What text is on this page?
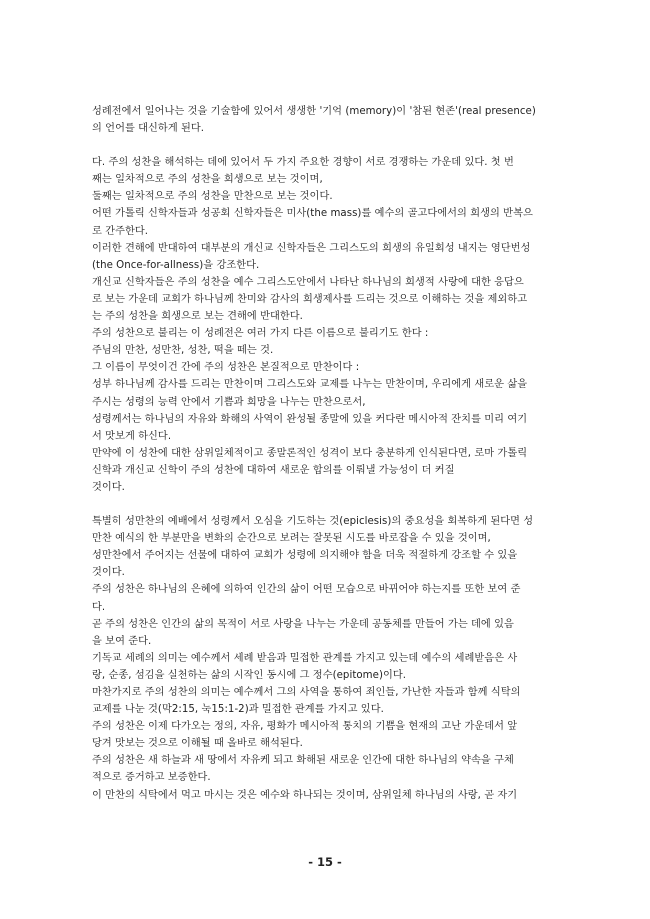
성례전에서 일어나는 것을 기술함에 있어서 생생한 '기억 (memory)이 '참된 현존'(real presence)

의 언어를 대신하게 된다.

다. 주의 성찬을 해석하는 데에 있어서 두 가지 주요한 경향이 서로 경쟁하는 가운데 있다. 첫 번

째는 일차적으로 주의 성찬을 희생으로 보는 것이며,

둘째는 일차적으로 주의 성찬을 만찬으로 보는 것이다.

어떤 가톨릭 신학자들과 성공회 신학자들은 미사(the mass)를 예수의 골고다에서의 희생의 반복으

로 간주한다.

이러한 견해에 반대하여 대부분의 개신교 신학자들은 그리스도의 희생의 유일회성 내지는 영단번성

(the Once-for-allness)을 강조한다.

개신교 신학자들은 주의 성찬을 예수 그리스도안에서 나타난 하나님의 희생적 사랑에 대한 응답으

로 보는 가운데 교회가 하나님께 찬미와 감사의 희생제사를 드리는 것으로 이해하는 것을 제외하고

는 주의 성찬을 희생으로 보는 견해에 반대한다.

주의 성찬으로 불리는 이 성례전은 여러 가지 다른 이름으로 불리기도 한다 :

주님의 만찬, 성만찬, 성찬, 떡을 떼는 것.

그 이름이 무엇이건 간에 주의 성찬은 본질적으로 만찬이다 :

성부 하나님께 감사를 드리는 만찬이며 그리스도와 교제를 나누는 만찬이며, 우리에게 새로운 삶을

주시는 성령의 능력 안에서 기쁨과 희망을 나누는 만찬으로서,

성령께서는 하나님의 자유와 화해의 사역이 완성될 종말에 있을 커다란 메시아적 잔치를 미리 여기

서 맛보게 하신다.

만약에 이 성찬에 대한 삼위일체적이고 종말론적인 성격이 보다 충분하게 인식된다면, 로마 가톨릭

신학과 개신교 신학이 주의 성찬에 대하여 새로운 합의를 이뤄낼 가능성이 더 커질

것이다.

특별히 성만찬의 예배에서 성령께서 오심을 기도하는 것(epiclesis)의 중요성을 회복하게 된다면 성

만찬 예식의 한 부분만을 변화의 순간으로 보려는 잘못된 시도를 바로잡을 수 있을 것이며,

성만찬에서 주어지는 선물에 대하여 교회가 성령에 의지해야 함을 더욱 적절하게 강조할 수 있을

것이다.

주의 성찬은 하나님의 은혜에 의하여 인간의 삶이 어떤 모습으로 바뀌어야 하는지를 또한 보여 준

다.

곧 주의 성찬은 인간의 삶의 목적이 서로 사랑을 나누는 가운데 공동체를 만들어 가는 데에 있음

을 보여 준다.

기독교 세례의 의미는 예수께서 세례 받음과 밀접한 관계를 가지고 있는데 예수의 세례받음은 사

랑, 순종, 섬김을 실천하는 삶의 시작인 동시에 그 정수(epitome)이다.

마찬가지로 주의 성찬의 의미는 예수께서 그의 사역을 통하여 죄인들, 가난한 자들과 함께 식탁의

교제를 나눈 것(막2:15, 눅15:1-2)과 밀접한 관계를 가지고 있다.

주의 성찬은 이제 다가오는 정의, 자유, 평화가 메시아적 통치의 기쁨을 현재의 고난 가운데서 앞

당겨 맛보는 것으로 이해될 때 올바로 해석된다.

주의 성찬은 새 하늘과 새 땅에서 자유케 되고 화해된 새로운 인간에 대한 하나님의 약속을 구체

적으로 증거하고 보증한다.

이 만찬의 식탁에서 먹고 마시는 것은 예수와 하나되는 것이며, 삼위일체 하나님의 사랑, 곧 자기

- 15 -
